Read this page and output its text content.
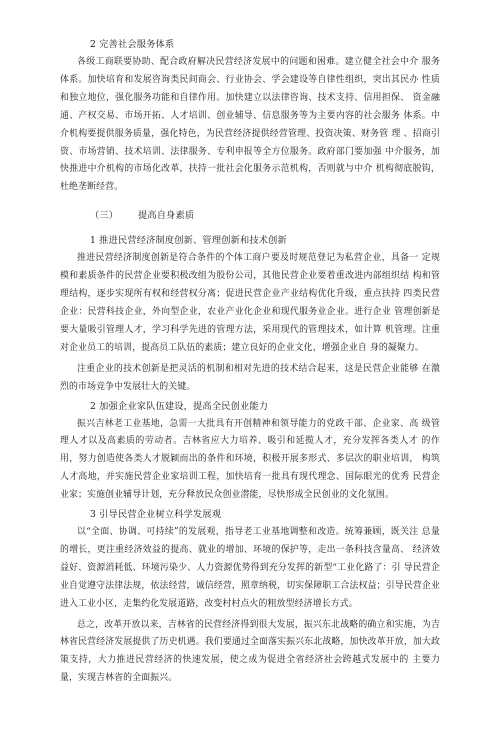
2 完善社会服务体系

各级工商联要协助、配合政府解决民营经济发展中的问题和困难。建立健全社会中介 服务体系。加快培育和发展咨询类民间商会、行业协会、学会建设等自律性组织，突出其民办 性质和独立地位，强化服务功能和自律作用。加快建立以法律咨询、技术支持、信用担保、 资金融通、产权交易、市场开拓、人才培训、创业辅导、信息服务等为主要内容的社会服务 体系。中介机构要提供服务质量，强化特色，为民营经济提供经营管理、投资决策、财务管 理 、招商引资、市场营销、技术培训、法律服务、专利申报等全方位服务。政府部门要加强 中介服务，加快推进中介机构的市场化改革，扶持一批社会化服务示范机构，否则就与中介 机构彻底脱钩，杜绝垄断经营。

（三） 提高自身素质
1 推进民营经济制度创新、管理创新和技术创新

推进民营经济制度创新是符合条件的个体工商户要及时规范登记为私营企业，具备一 定规模和素质条件的民营企业要积极改组为股份公司，其他民营企业要着重改进内部组织结 构和管理结构，逐步实现所有权和经营权分离；促进民营企业产业结构优化升级，重点扶持 四类民营企业：民营科技企业，外向型企业，农业产业化企业和现代服务业企业。进行企业 管理创新是要大量吸引管理人才，学习科学先进的管理方法，采用现代的管理技术，如计算 机管理。注重对企业员工的培训，提高员工队伍的素质；建立良好的企业文化，增强企业自 身的凝聚力。

注重企业的技术创新是把灵活的机制和相对先进的技术结合起来，这是民营企业能够 在激烈的市场竞争中发展壮大的关键。

2 加强企业家队伍建设，提高全民创业能力

振兴吉林老工业基地，急需一大批具有开创精神和领导能力的党政干部、企业家、高 级管理人才以及高素质的劳动者。吉林省应大力培养、吸引和延揽人才，充分发挥各类人才 的作用，努力创造使各类人才脱颖而出的条件和环境，积极开展多形式、多层次的职业培训， 构筑人才高地，并实施民营企业家培训工程，加快培育一批具有现代理念、国际眼光的优秀 民营企业家；实施创业辅导计划，充分释放民众创业潜能，尽快形成全民创业的文化氛围。

3 引导民营企业树立科学发展观

以“全面、协调、可持续”的发展观，指导老工业基地调整和改造。统筹兼顾，既关注 总量的增长，更注重经济效益的提高、就业的增加、环境的保护等，走出一条科技含量高、 经济效益好、资源消耗低、环境污染少、人力资源优势得到充分发挥的新型“工业化路了：引 导民营企业自觉遵守法律法规，依法经营，诚信经营，照章纳税，切实保障职工合法权益；引导民营企业进入工业小区，走集约化发展道路，改变村村点火的粗放型经济增长方式。

总之，改革开放以来，吉林省的民营经济得到很大发展，振兴东北战略的确立和实施，为吉林省民营经济发展提供了历史机遇。我们要通过全面落实振兴东北战略，加快改革开放，加大政策支持，大力推进民营经济的快速发展，使之成为促进全省经济社会跨越式发展中的 主要力量，实现吉林省的全面振兴。
